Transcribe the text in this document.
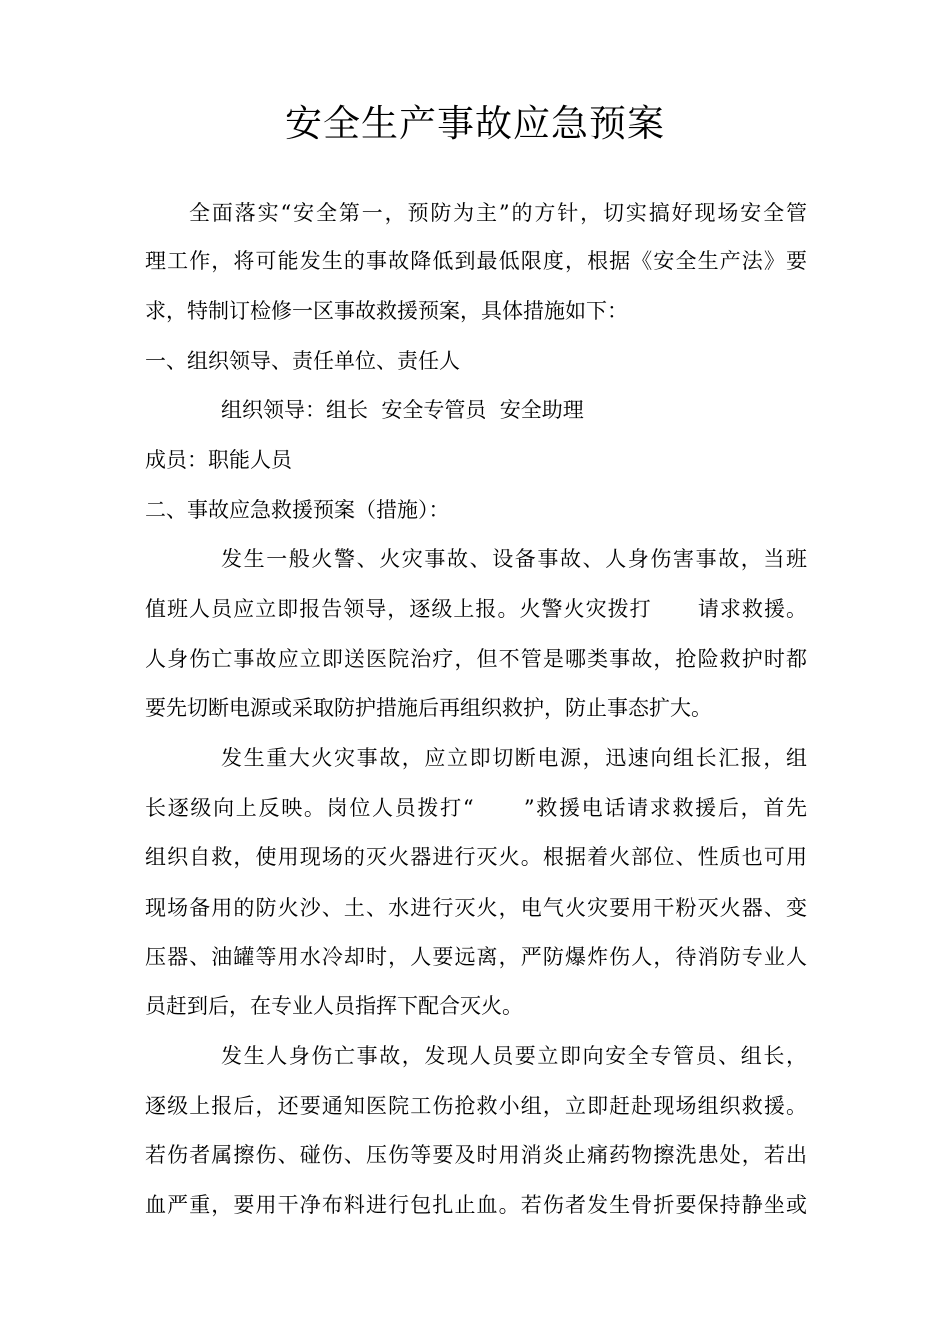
安全生产事故应急预案

全面落实“安全第一，预防为主”的方针，切实搞好现场安全管

理工作，将可能发生的事故降低到最低限度，根据《安全生产法》要

求，特制订检修一区事故救援预案，具体措施如下：

一、组织领导、责任单位、责任人

组织领导：组长  安全专管员  安全助理

成员：职能人员

二、事故应急救援预案（措施）：

发生一般火警、火灾事故、设备事故、人身伤害事故，当班

值班人员应立即报告领导，逐级上报。火警火灾拨打      请求救援。

人身伤亡事故应立即送医院治疗，但不管是哪类事故，抢险救护时都

要先切断电源或采取防护措施后再组织救护，防止事态扩大。

发生重大火灾事故，应立即切断电源，迅速向组长汇报，组

长逐级向上反映。岗位人员拨打“      ”救援电话请求救援后，首先

组织自救，使用现场的灭火器进行灭火。根据着火部位、性质也可用

现场备用的防火沙、土、水进行灭火，电气火灾要用干粉灭火器、变

压器、油罐等用水冷却时，人要远离，严防爆炸伤人，待消防专业人

员赶到后，在专业人员指挥下配合灭火。

发生人身伤亡事故，发现人员要立即向安全专管员、组长，

逐级上报后，还要通知医院工伤抢救小组，立即赶赴现场组织救援。

若伤者属擦伤、碰伤、压伤等要及时用消炎止痛药物擦洗患处，若出

血严重，要用干净布料进行包扎止血。若伤者发生骨折要保持静坐或
